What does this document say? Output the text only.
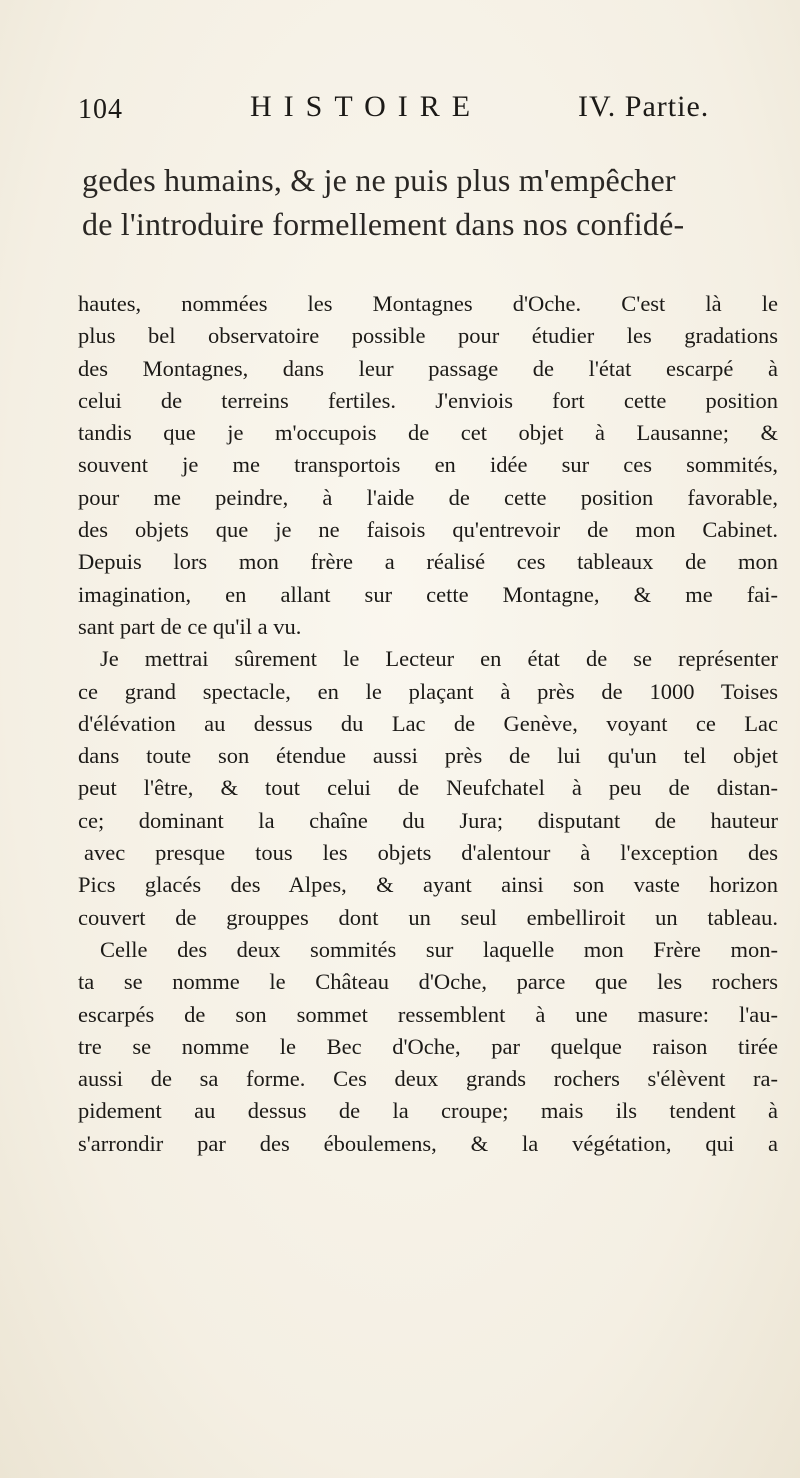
104	HISTOIRE	IV. Partie.
gedes humains, & je ne puis plus m'empêcher
de l'introduire formellement dans nos confidé-
hautes, nommées les Montagnes d'Oche. C'est là le
plus bel observatoire possible pour étudier les gradations
des Montagnes, dans leur passage de l'état escarpé à
celui de terreins fertiles. J'enviois fort cette position
tandis que je m'occupois de cet objet à Lausanne; &
souvent je me transportois en idée sur ces sommités,
pour me peindre, à l'aide de cette position favorable,
des objets que je ne faisois qu'entrevoir de mon Cabinet.
Depuis lors mon frère a réalisé ces tableaux de mon
imagination, en allant sur cette Montagne, & me fai-
sant part de ce qu'il a vu.
Je mettrai sûrement le Lecteur en état de se représenter
ce grand spectacle, en le plaçant à près de 1000 Toises
d'élévation au dessus du Lac de Genève, voyant ce Lac
dans toute son étendue aussi près de lui qu'un tel objet
peut l'être, & tout celui de Neufchatel à peu de distan-
ce; dominant la chaîne du Jura; disputant de hauteur
avec presque tous les objets d'alentour à l'exception des
Pics glacés des Alpes, & ayant ainsi son vaste horizon
couvert de grouppes dont un seul embelliroit un tableau.
Celle des deux sommités sur laquelle mon Frère mon-
ta se nomme le Château d'Oche, parce que les rochers
escarpés de son sommet ressemblent à une masure: l'au-
tre se nomme le Bec d'Oche, par quelque raison tirée
aussi de sa forme. Ces deux grands rochers s'élèvent ra-
pidement au dessus de la croupe; mais ils tendent à
s'arrondir par des éboulemens, & la végétation, qui a
